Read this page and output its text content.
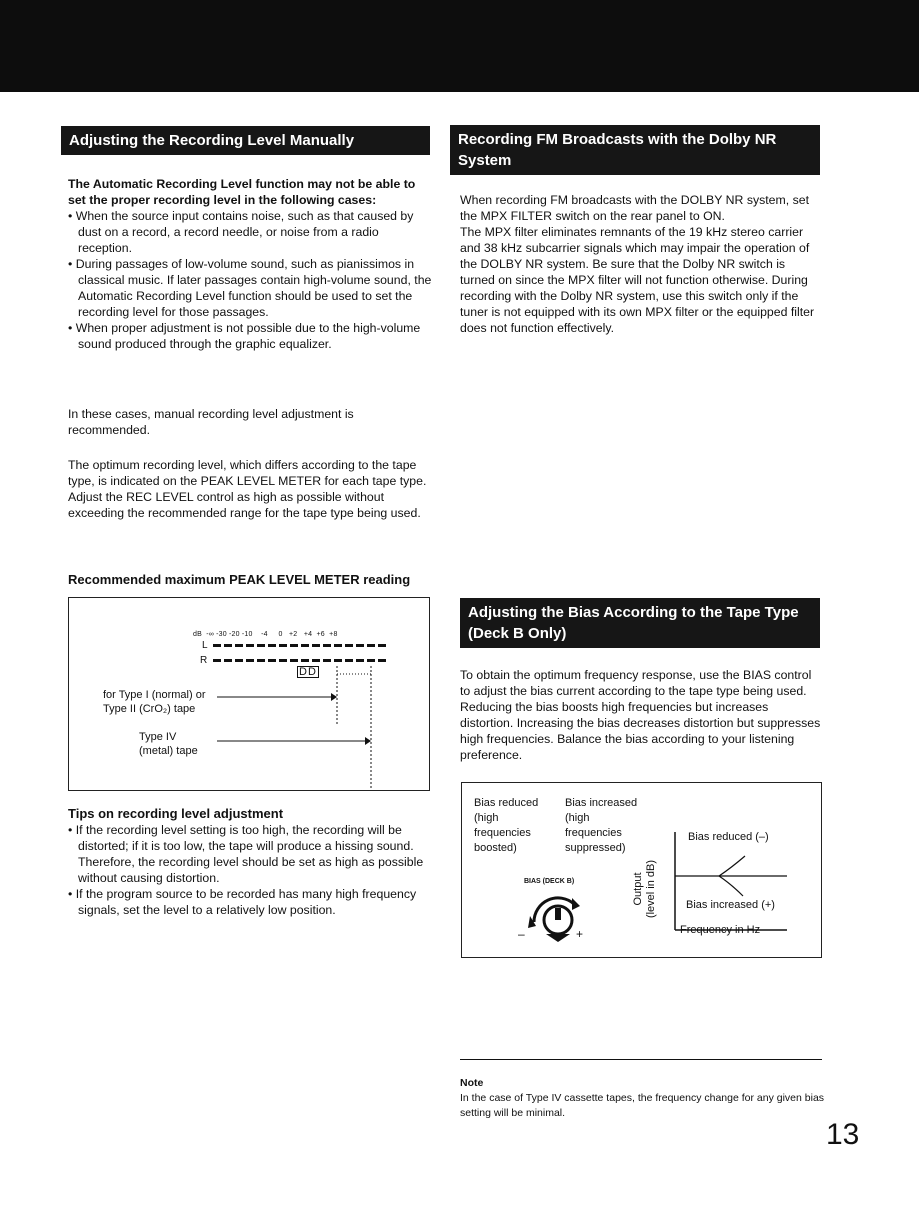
Adjusting the Recording Level Manually

The Automatic Recording Level function may not be able to set the proper recording level in the following cases:

• When the source input contains noise, such as that caused by dust on a record, a record needle, or noise from a radio reception.
• During passages of low-volume sound, such as pianissimos in classical music. If later passages contain high-volume sound, the Automatic Recording Level function should be used to set the recording level for those passages.
• When proper adjustment is not possible due to the high-volume sound produced through the graphic equalizer.

In these cases, manual recording level adjustment is recommended.

The optimum recording level, which differs according to the tape type, is indicated on the PEAK LEVEL METER for each tape type.

Adjust the REC LEVEL control as high as possible without exceeding the recommended range for the tape type being used.

Recommended maximum PEAK LEVEL METER reading
dB  -∞ -30 -20 -10    -4     0   +2   +4  +6  +8
L
R
DD
for Type I (normal) or
Type II (CrO₂) tape
Type IV
(metal) tape

Tips on recording level adjustment

• If the recording level setting is too high, the recording will be distorted; if it is too low, the tape will produce a hissing sound. Therefore, the recording level should be set as high as possible without causing distortion.
• If the program source to be recorded has many high frequency signals, set the level to a relatively low position.
Recording FM Broadcasts with the Dolby NR System

When recording FM broadcasts with the DOLBY NR system, set the MPX FILTER switch on the rear panel to ON.

The MPX filter eliminates remnants of the 19 kHz stereo carrier and 38 kHz subcarrier signals which may impair the operation of the DOLBY NR system. Be sure that the Dolby NR switch is turned on since the MPX filter will not function otherwise. During recording with the Dolby NR system, use this switch only if the tuner is not equipped with its own MPX filter or the equipped filter does not function effectively.

Adjusting the Bias According to the Tape Type (Deck B Only)

To obtain the optimum frequency response, use the BIAS control to adjust the bias current according to the tape type being used. Reducing the bias boosts high frequencies but increases distortion. Increasing the bias decreases distortion but suppresses high frequencies. Balance the bias according to your listening preference.

Bias reduced
(high
frequencies
boosted)
Bias increased
(high
frequencies
suppressed)
BIAS (DECK B)
–	+
Output
(level in dB)
Bias reduced (–)
Bias increased (+)
Frequency in Hz

Note

In the case of Type IV cassette tapes, the frequency change for any given bias setting will be minimal.

13
